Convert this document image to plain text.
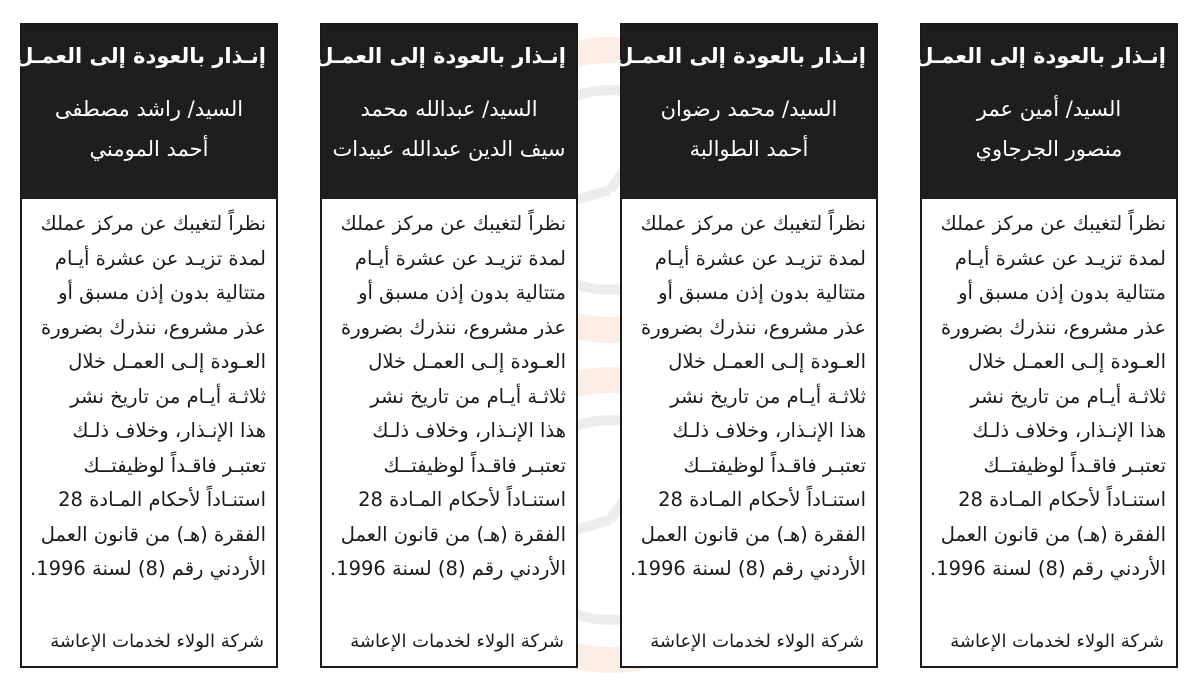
إنـذار بالعودة إلى العمـل
السيد/ أمين عمر
منصور الجرجاوي
نظراً لتغيبك عن مركز عملك
لمدة تزيـد عن عشرة أيـام
متتالية بدون إذن مسبق أو
عذر مشروع، ننذرك بضرورة
العـودة إلـى العمـل خلال
ثلاثـة أيـام من تاريخ نشر
هذا الإنـذار، وخلاف ذلـك
تعتبـر فاقـداً لوظيفتــك
استنـاداً لأحكام المـادة 28
الفقرة (هـ) من قانون العمل
الأردني رقم (8) لسنة 1996.
شركة الولاء لخدمات الإعاشة
إنـذار بالعودة إلى العمـل
السيد/ محمد رضوان
أحمد الطوالبة
نظراً لتغيبك عن مركز عملك
لمدة تزيـد عن عشرة أيـام
متتالية بدون إذن مسبق أو
عذر مشروع، ننذرك بضرورة
العـودة إلـى العمـل خلال
ثلاثـة أيـام من تاريخ نشر
هذا الإنـذار، وخلاف ذلـك
تعتبـر فاقـداً لوظيفتــك
استنـاداً لأحكام المـادة 28
الفقرة (هـ) من قانون العمل
الأردني رقم (8) لسنة 1996.
شركة الولاء لخدمات الإعاشة
إنـذار بالعودة إلى العمـل
السيد/ عبدالله محمد
سيف الدين عبدالله عبيدات
نظراً لتغيبك عن مركز عملك
لمدة تزيـد عن عشرة أيـام
متتالية بدون إذن مسبق أو
عذر مشروع، ننذرك بضرورة
العـودة إلـى العمـل خلال
ثلاثـة أيـام من تاريخ نشر
هذا الإنـذار، وخلاف ذلـك
تعتبـر فاقـداً لوظيفتــك
استنـاداً لأحكام المـادة 28
الفقرة (هـ) من قانون العمل
الأردني رقم (8) لسنة 1996.
شركة الولاء لخدمات الإعاشة
إنـذار بالعودة إلى العمـل
السيد/ راشد مصطفى
أحمد المومني
نظراً لتغيبك عن مركز عملك
لمدة تزيـد عن عشرة أيـام
متتالية بدون إذن مسبق أو
عذر مشروع، ننذرك بضرورة
العـودة إلـى العمـل خلال
ثلاثـة أيـام من تاريخ نشر
هذا الإنـذار، وخلاف ذلـك
تعتبـر فاقـداً لوظيفتــك
استنـاداً لأحكام المـادة 28
الفقرة (هـ) من قانون العمل
الأردني رقم (8) لسنة 1996.
شركة الولاء لخدمات الإعاشة
